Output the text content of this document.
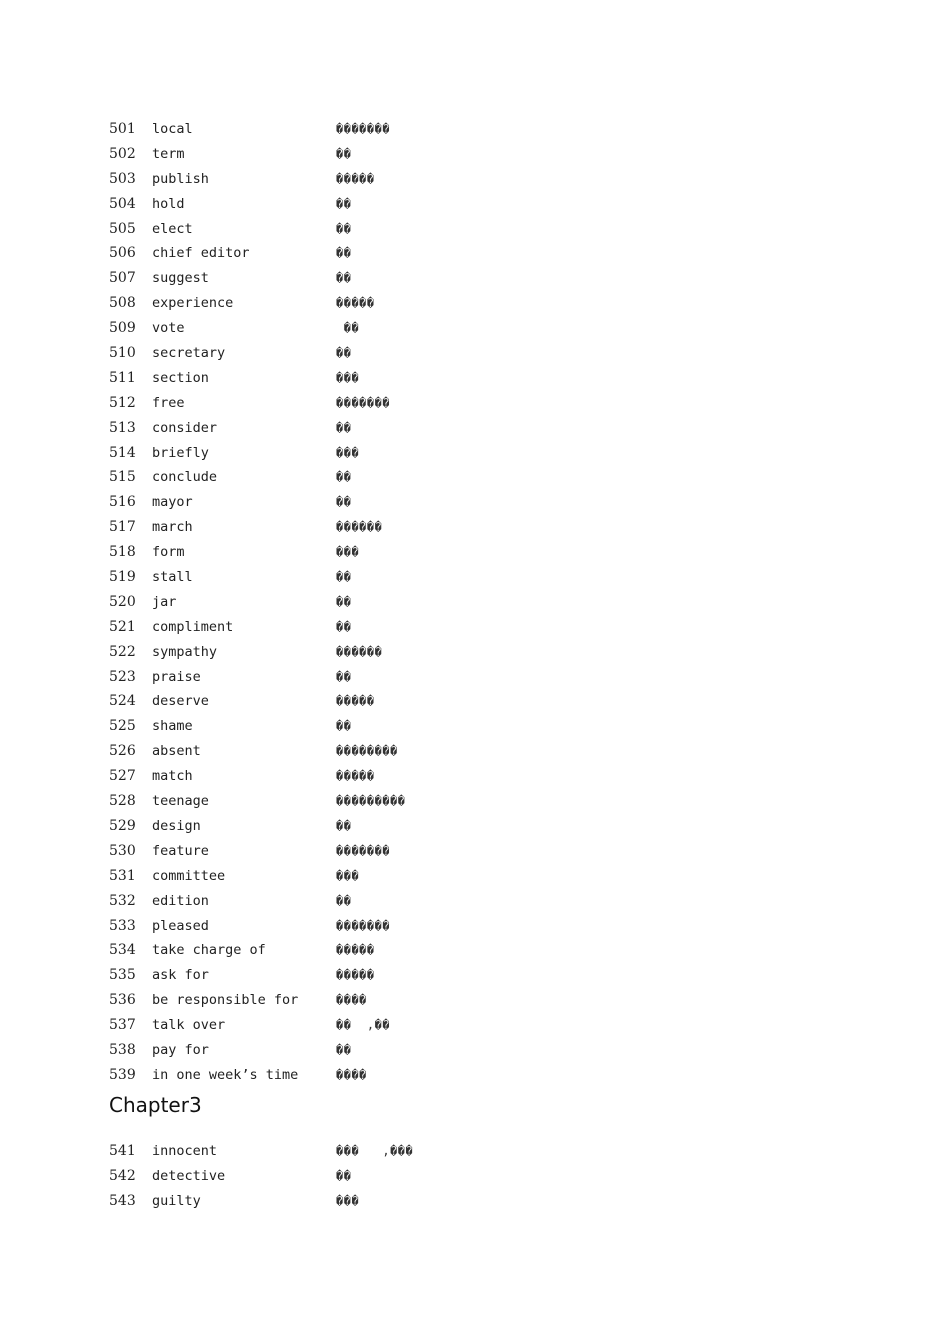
501 local	�������
502 term	��
503 publish	�����
504 hold	��
505 elect	��
506 chief editor	��
507 suggest	��
508 experience	�����
509 vote	��
510 secretary	��
511 section	���
512 free	�������
513 consider	��
514 briefly	���
515 conclude	��
516 mayor	��
517 march	������
518 form	���
519 stall	��
520 jar	��
521 compliment	��
522 sympathy	������
523 praise	��
524 deserve	�����
525 shame	��
526 absent	��������
527 match	�����
528 teenage	���������
529 design	��
530 feature	�������
531 committee	���
532 edition	��
533 pleased	�������
534 take charge of	�����
535 ask for	�����
536 be responsible for	����
537 talk over	��  ,��
538 pay for	��
539 in one week’s time	����
Chapter3
541 innocent	���   ,���
542 detective	��
543 guilty	���
